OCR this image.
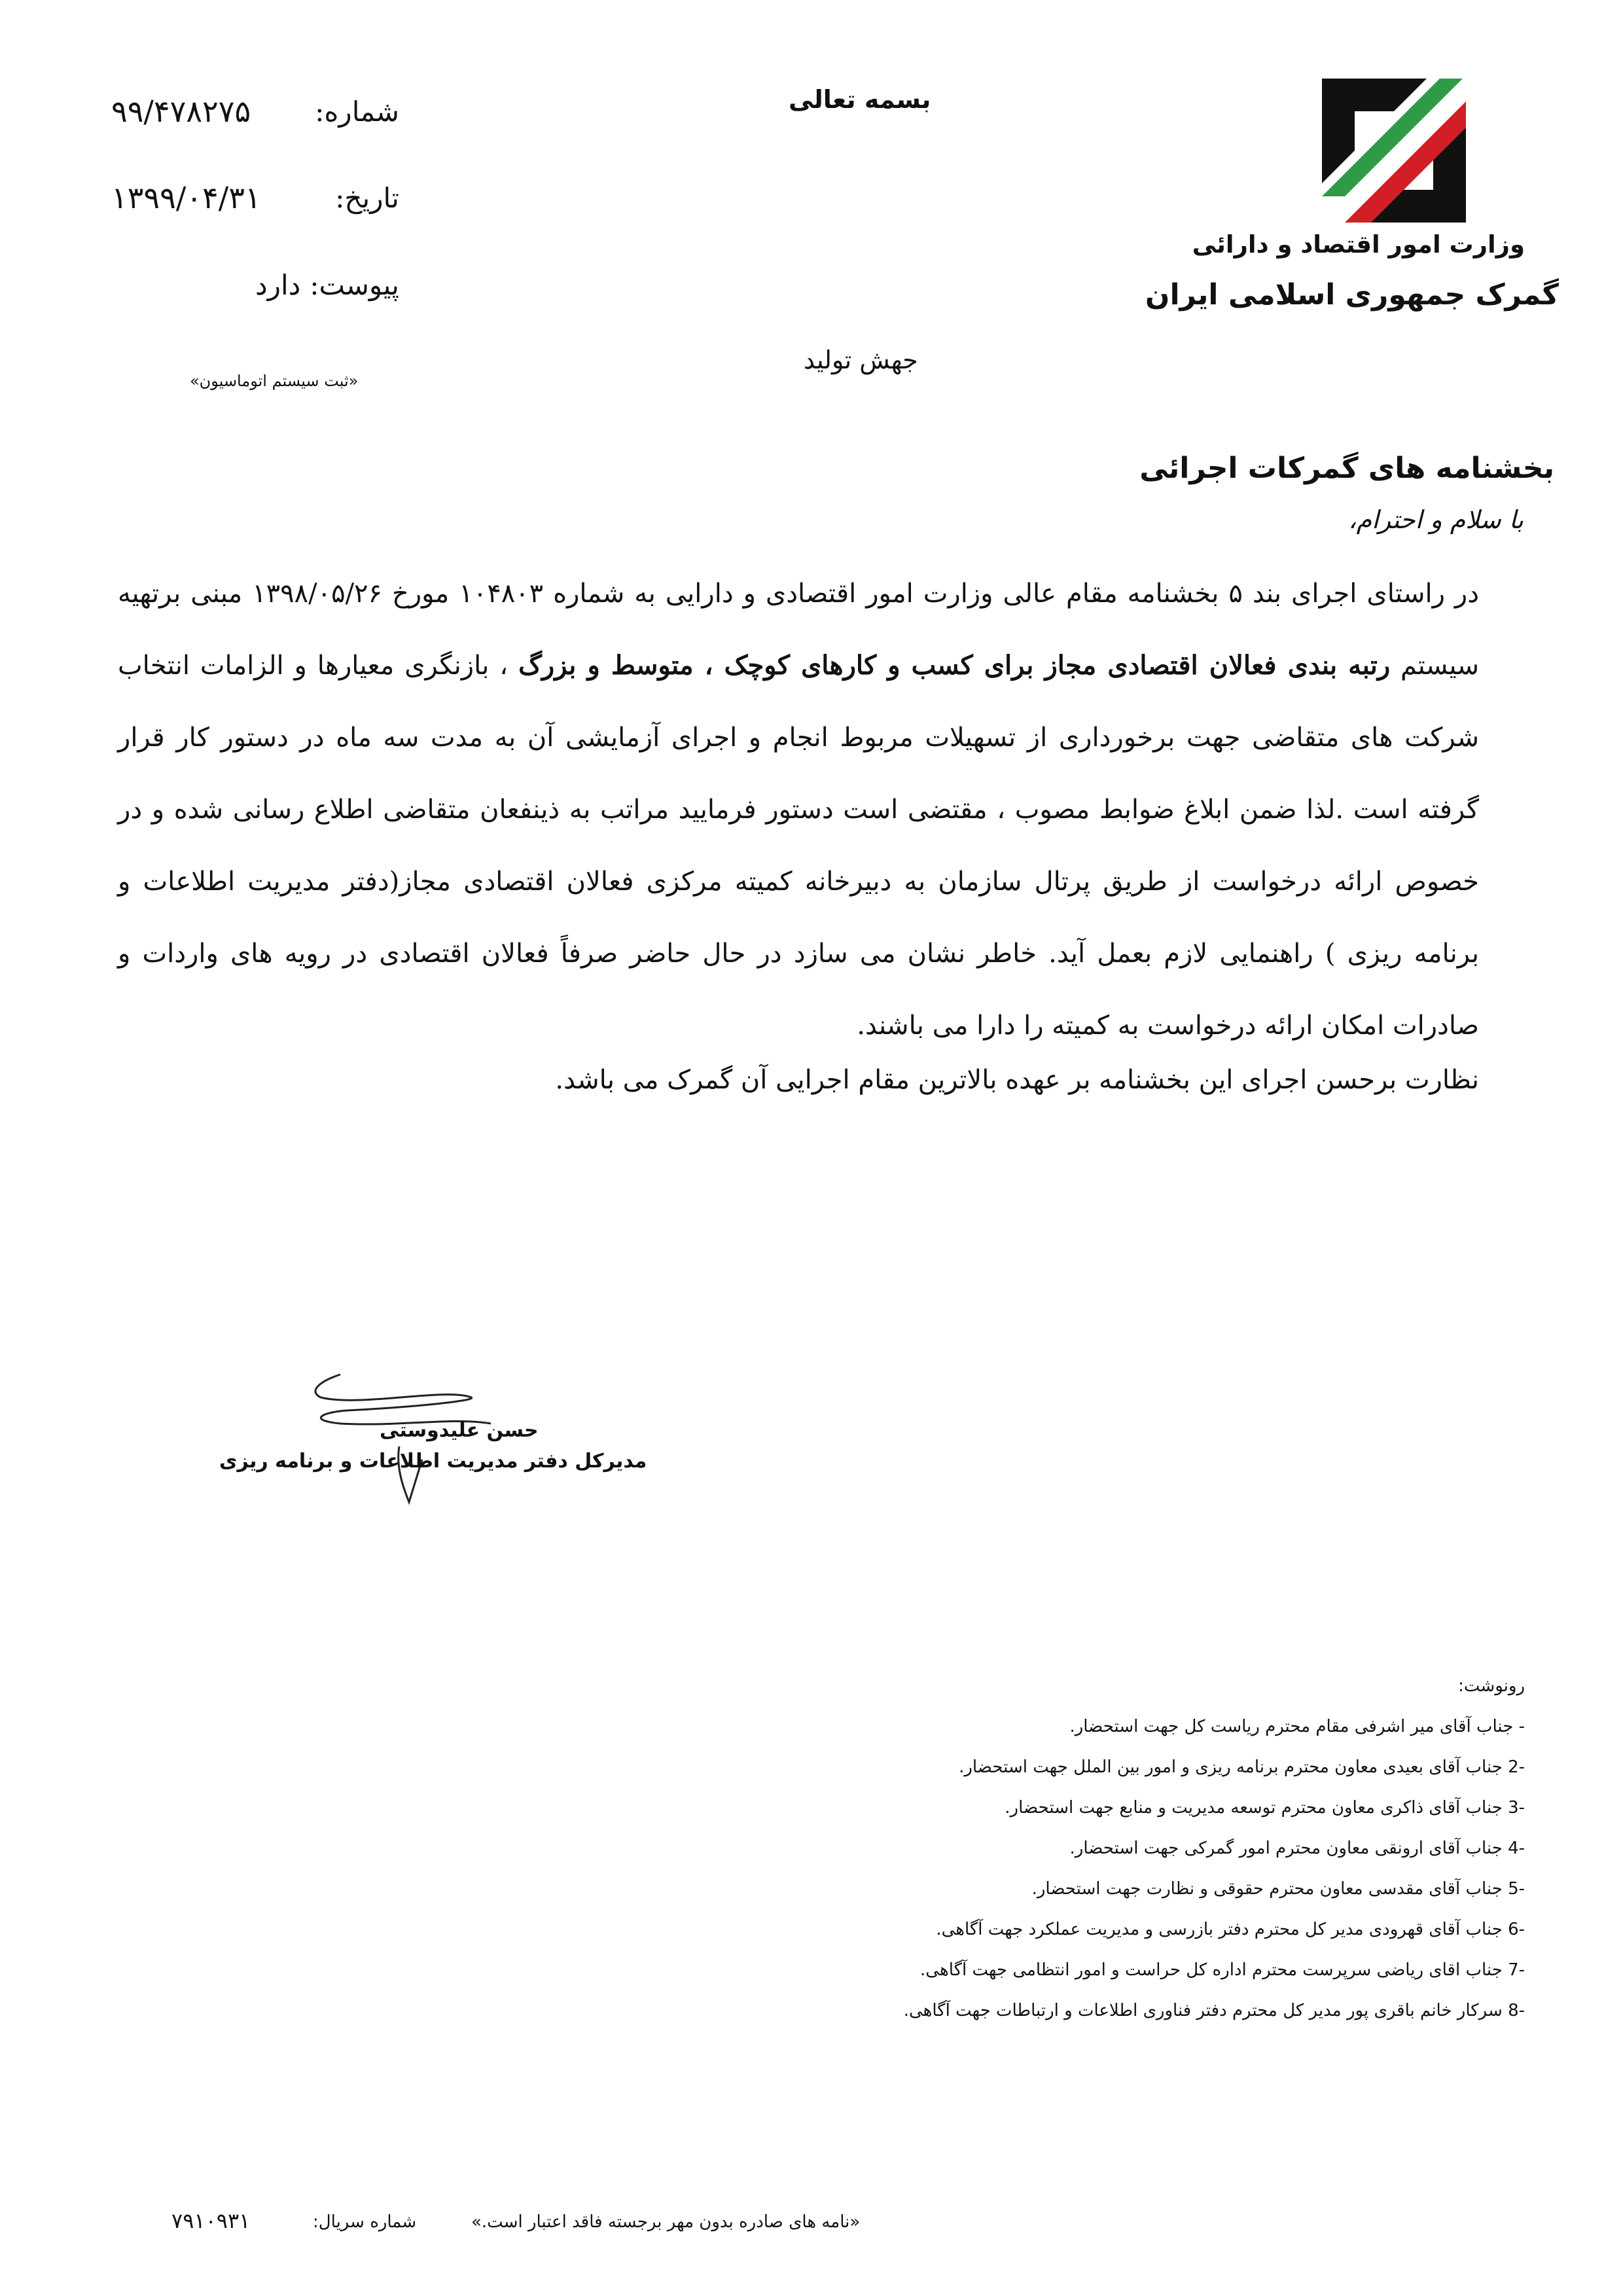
وزارت امور اقتصاد و دارائی
گمرک جمهوری اسلامی ایران
بسمه تعالی
شماره:
۹۹/۴۷۸۲۷۵
تاریخ:
۱۳۹۹/۰۴/۳۱
پیوست:
دارد
«ثبت سیستم اتوماسیون»
جهش تولید
بخشنامه های گمرکات اجرائی
با سلام و احترام،

در راستای اجرای بند ۵ بخشنامه مقام عالی وزارت امور اقتصادی و دارایی به شماره ۱۰۴۸۰۳ مورخ ۱۳۹۸/۰۵/۲۶ مبنی برتهیه سیستم رتبه بندی فعالان اقتصادی مجاز برای کسب و کارهای کوچک ، متوسط و بزرگ ، بازنگری معیارها و الزامات انتخاب شرکت های متقاضی جهت برخورداری از تسهیلات مربوط انجام و اجرای آزمایشی آن به مدت سه ماه در دستور کار قرار گرفته است .لذا ضمن ابلاغ ضوابط مصوب ، مقتضی است دستور فرمایید مراتب به ذینفعان متقاضی اطلاع رسانی شده و در خصوص ارائه درخواست از طریق پرتال سازمان به دبیرخانه کمیته مرکزی فعالان اقتصادی مجاز(دفتر مدیریت اطلاعات و برنامه ریزی ) راهنمایی لازم بعمل آید. خاطر نشان می سازد در حال حاضر صرفاً فعالان اقتصادی در رویه های واردات و صادرات امکان ارائه درخواست به کمیته را دارا می باشند.

نظارت برحسن اجرای این بخشنامه بر عهده بالاترین مقام اجرایی آن گمرک می باشد.
حسن علیدوستی
مدیرکل دفتر مدیریت اطلاعات و برنامه ریزی
رونوشت:
- جناب آقای میر اشرفی مقام محترم ریاست کل جهت استحضار.
-2 جناب آقای بعیدی معاون محترم برنامه ریزی و امور بین الملل جهت استحضار.
-3 جناب آقای ذاکری معاون محترم توسعه مدیریت و منابع جهت استحضار.
-4 جناب آقای ارونقی معاون محترم امور گمرکی جهت استحضار.
-5 جناب آقای مقدسی معاون محترم حقوقی و نظارت جهت استحضار.
-6 جناب آقای قهرودی مدیر کل محترم دفتر بازرسی و مدیریت عملکرد جهت آگاهی.
-7 جناب اقای ریاضی سرپرست محترم اداره کل حراست و امور انتظامی جهت آگاهی.
-8 سرکار خانم باقری پور مدیر کل محترم دفتر فناوری اطلاعات و ارتباطات جهت آگاهی.
«نامه های صادره بدون مهر برجسته فاقد اعتبار است.»
شماره سریال:
۷۹۱۰۹۳۱
